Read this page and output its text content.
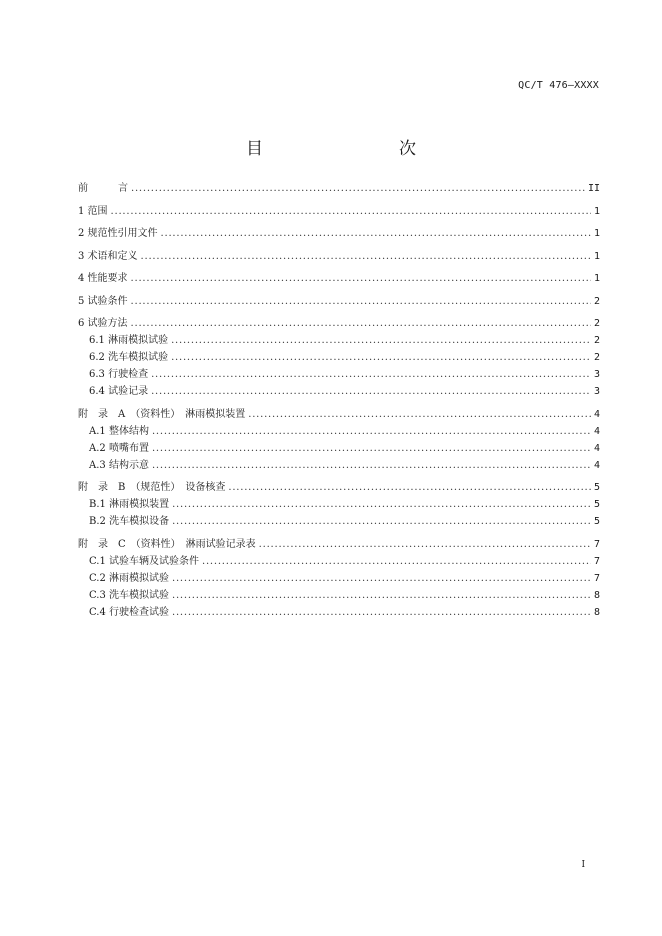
QC/T 476—XXXX
目　　次
前　　　言 . . .	II
1 范围 . . .	1
2 规范性引用文件 . . .	1
3 术语和定义 . . .	1
4 性能要求 . . .	1
5 试验条件 . . .	2
6 试验方法 . . .	2
6.1 淋雨模拟试验 . . .	2
6.2 洗车模拟试验 . . .	2
6.3 行驶检查 . . .	3
6.4 试验记录 . . .	3
附　录　A　（资料性）　淋雨模拟装置 . . .	4
A.1 整体结构 . . .	4
A.2 喷嘴布置 . . .	4
A.3 结构示意 . . .	4
附　录　B　（规范性）　设备核查 . . .	5
B.1 淋雨模拟装置 . . .	5
B.2 洗车模拟设备 . . .	5
附　录　C　（资料性）　淋雨试验记录表 . . .	7
C.1 试验车辆及试验条件 . . .	7
C.2 淋雨模拟试验 . . .	7
C.3 洗车模拟试验 . . .	8
C.4 行驶检查试验 . . .	8
I
